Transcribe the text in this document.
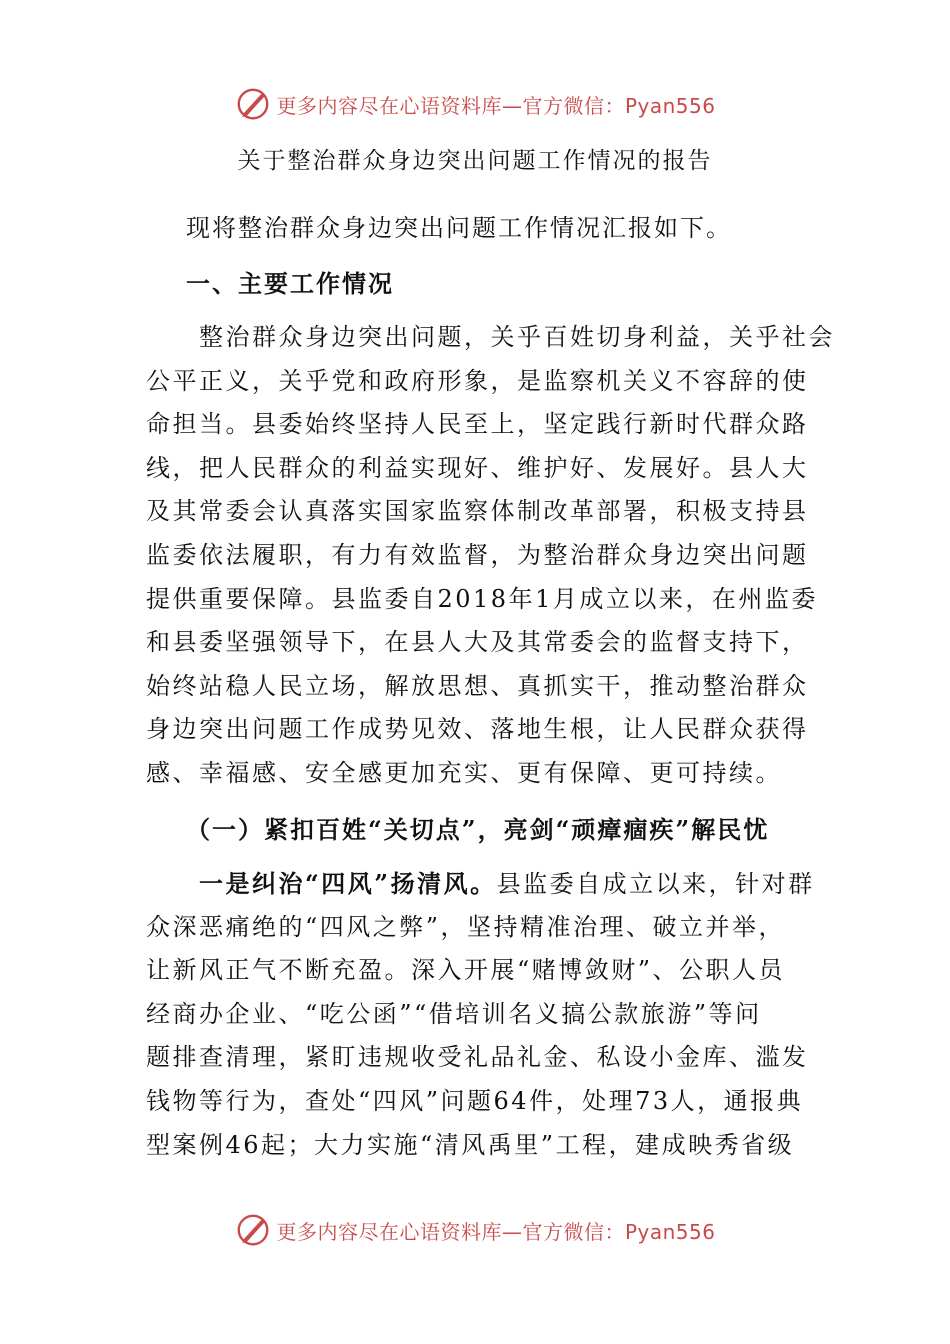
更多内容尽在心语资料库—官方微信：Pyan556
关于整治群众身边突出问题工作情况的报告
现将整治群众身边突出问题工作情况汇报如下。
一、主要工作情况
　　整治群众身边突出问题，关乎百姓切身利益，关乎社会
公平正义，关乎党和政府形象，是监察机关义不容辞的使
命担当。县委始终坚持人民至上，坚定践行新时代群众路
线，把人民群众的利益实现好、维护好、发展好。县人大
及其常委会认真落实国家监察体制改革部署，积极支持县
监委依法履职，有力有效监督，为整治群众身边突出问题
提供重要保障。县监委自2018年1月成立以来，在州监委
和县委坚强领导下，在县人大及其常委会的监督支持下，
始终站稳人民立场，解放思想、真抓实干，推动整治群众
身边突出问题工作成势见效、落地生根，让人民群众获得
感、幸福感、安全感更加充实、更有保障、更可持续。
（一）紧扣百姓“关切点”，亮剑“顽瘴痼疾”解民忧
　　一是纠治“四风”扬清风。县监委自成立以来，针对群
众深恶痛绝的“四风之弊”，坚持精准治理、破立并举，
让新风正气不断充盈。深入开展“赌博敛财”、公职人员
经商办企业、“吃公函”“借培训名义搞公款旅游”等问
题排查清理，紧盯违规收受礼品礼金、私设小金库、滥发
钱物等行为，查处“四风”问题64件，处理73人，通报典
型案例46起；大力实施“清风禹里”工程，建成映秀省级
更多内容尽在心语资料库—官方微信：Pyan556
